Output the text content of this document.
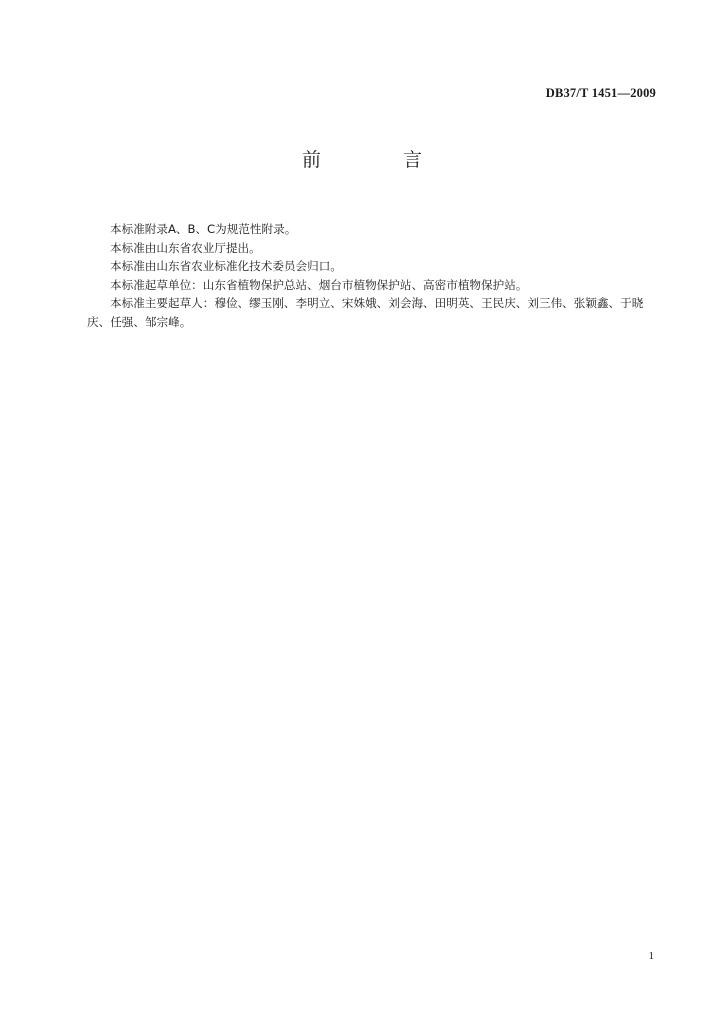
DB37/T 1451—2009
前 言

本标准附录A、B、C为规范性附录。

本标准由山东省农业厅提出。

本标准由山东省农业标准化技术委员会归口。

本标准起草单位：山东省植物保护总站、烟台市植物保护站、高密市植物保护站。

本标准主要起草人：穆俭、缪玉刚、李明立、宋姝娥、刘会海、田明英、王民庆、刘三伟、张颖鑫、于晓庆、任强、邹宗峰。

1
